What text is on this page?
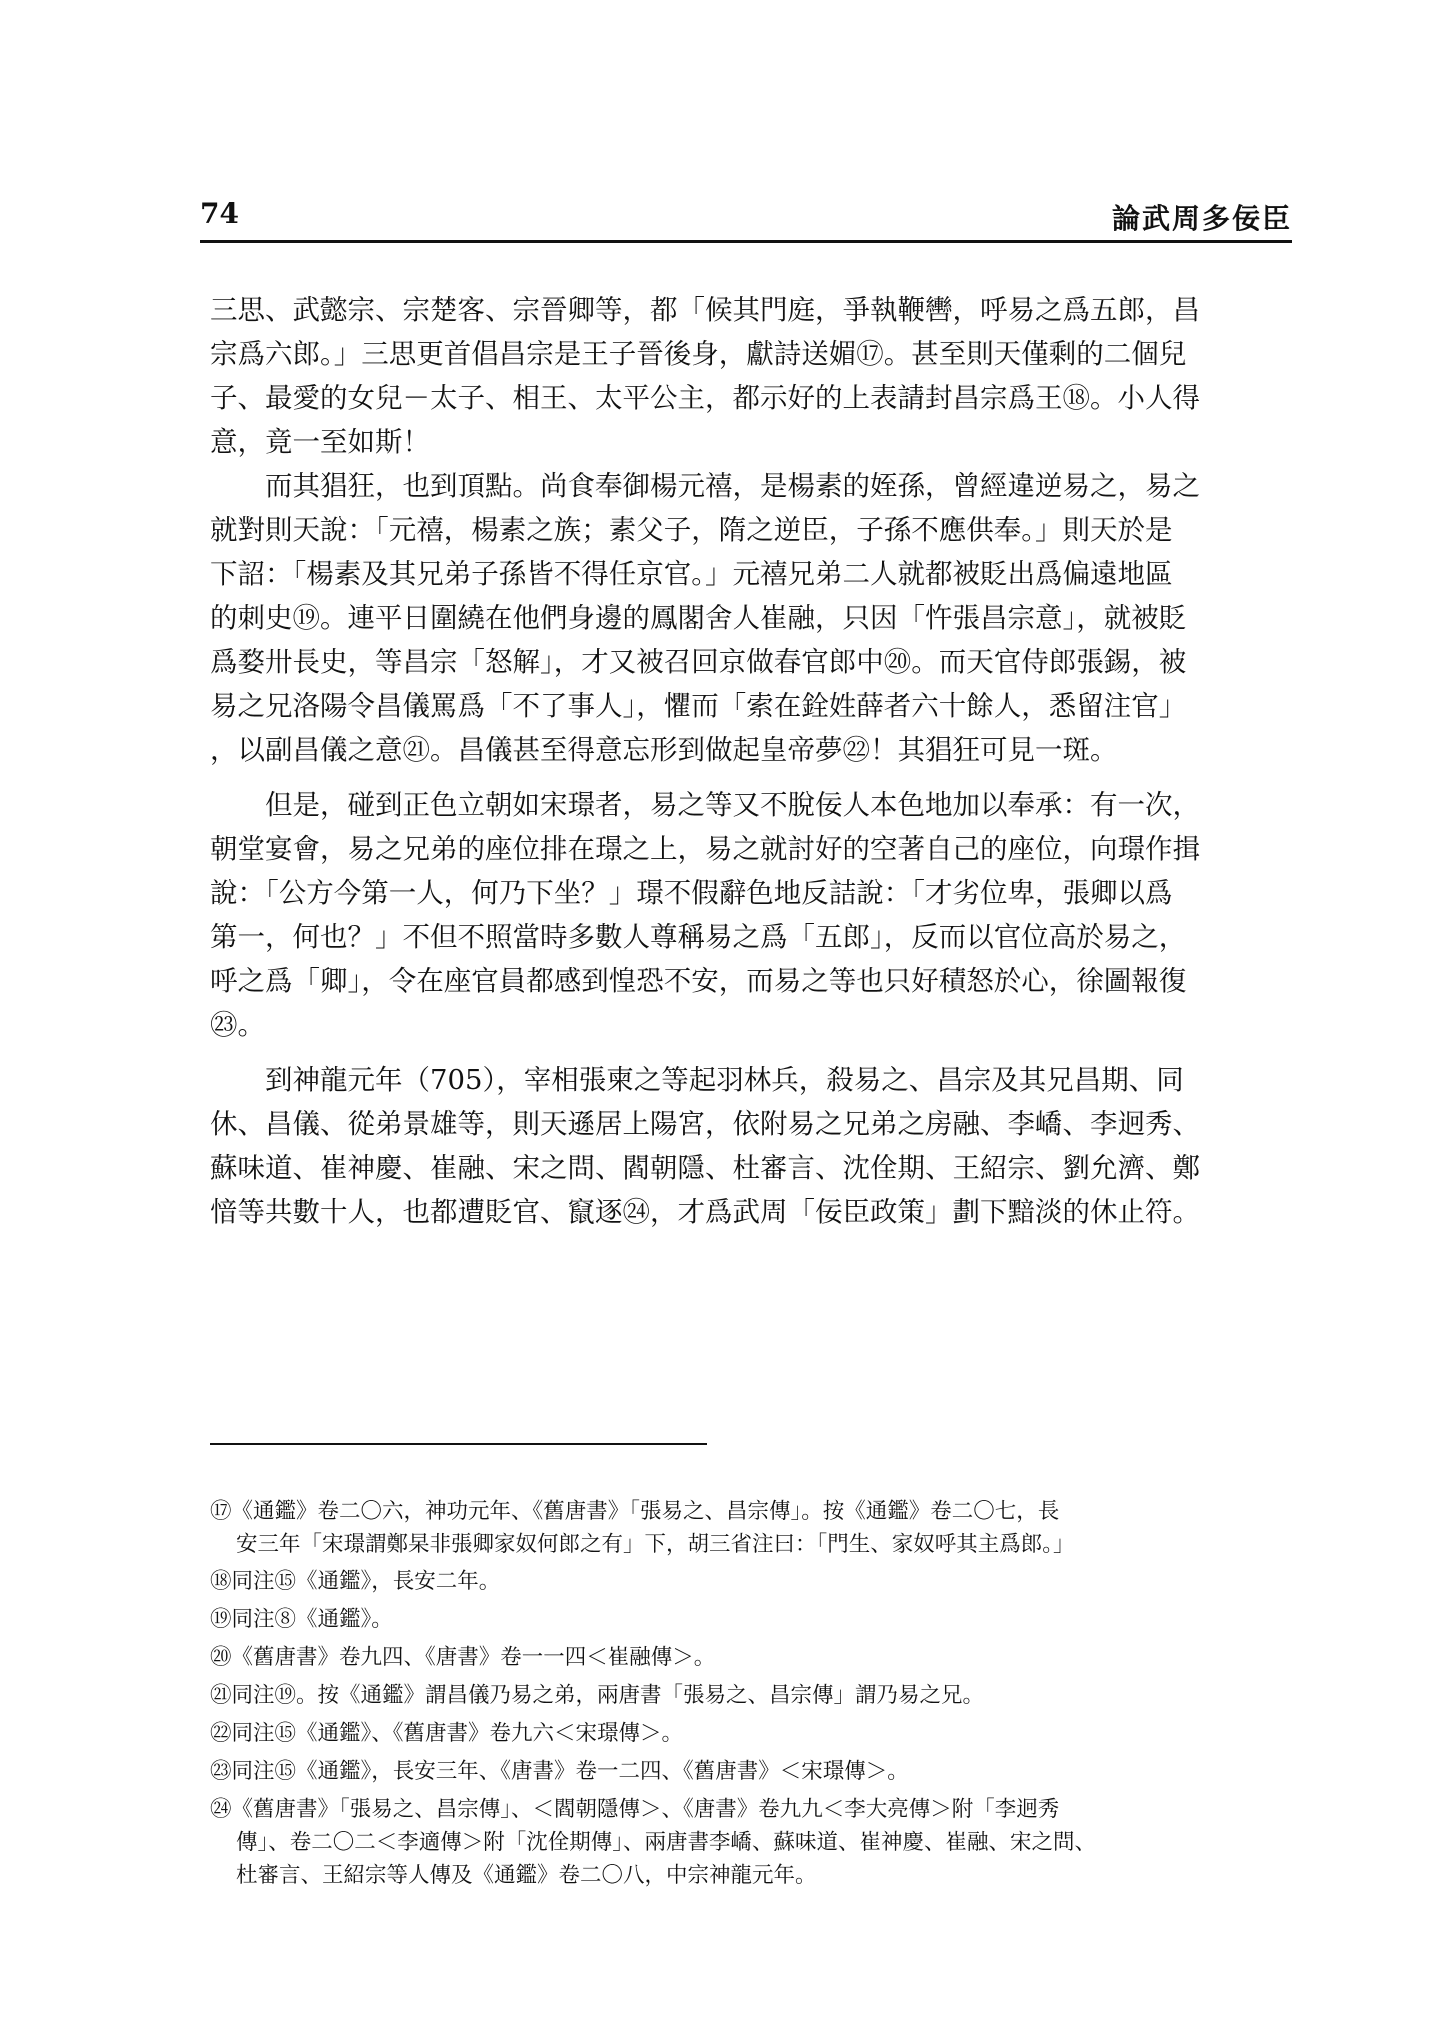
74	論武周多佞臣

三思、武懿宗、宗楚客、宗晉卿等，都「候其門庭，爭執鞭轡，呼易之爲五郎，昌
宗爲六郎。」三思更首倡昌宗是王子晉後身，獻詩送媚⑰。甚至則天僅剩的二個兒
子、最愛的女兒－太子、相王、太平公主，都示好的上表請封昌宗爲王⑱。小人得
意，竟一至如斯！

　　而其猖狂，也到頂點。尚食奉御楊元禧，是楊素的姪孫，曾經違逆易之，易之
就對則天說：「元禧，楊素之族；素父子，隋之逆臣，子孫不應供奉。」則天於是
下詔：「楊素及其兄弟子孫皆不得任京官。」元禧兄弟二人就都被貶出爲偏遠地區
的刺史⑲。連平日圍繞在他們身邊的鳳閣舍人崔融，只因「忤張昌宗意」，就被貶
爲婺卅長史，等昌宗「怒解」，才又被召回京做春官郎中⑳。而天官侍郎張錫，被
易之兄洛陽令昌儀罵爲「不了事人」，懼而「索在銓姓薛者六十餘人，悉留注官」
，以副昌儀之意㉑。昌儀甚至得意忘形到做起皇帝夢㉒！其猖狂可見一斑。

　　但是，碰到正色立朝如宋璟者，易之等又不脫佞人本色地加以奉承：有一次，
朝堂宴會，易之兄弟的座位排在璟之上，易之就討好的空著自己的座位，向璟作揖
說：「公方今第一人，何乃下坐？」璟不假辭色地反詰說：「才劣位卑，張卿以爲
第一，何也？」不但不照當時多數人尊稱易之爲「五郎」，反而以官位高於易之，
呼之爲「卿」，令在座官員都感到惶恐不安，而易之等也只好積怒於心，徐圖報復
㉓。

　　到神龍元年（705），宰相張柬之等起羽林兵，殺易之、昌宗及其兄昌期、同
休、昌儀、從弟景雄等，則天遜居上陽宮，依附易之兄弟之房融、李嶠、李迥秀、
蘇味道、崔神慶、崔融、宋之問、閻朝隱、杜審言、沈佺期、王紹宗、劉允濟、鄭
愔等共數十人，也都遭貶官、竄逐㉔，才爲武周「佞臣政策」劃下黯淡的休止符。

⑰《通鑑》卷二〇六，神功元年、《舊唐書》「張易之、昌宗傳」。按《通鑑》卷二〇七，長

安三年「宋璟謂鄭杲非張卿家奴何郎之有」下，胡三省注曰：「門生、家奴呼其主爲郎。」

⑱同注⑮《通鑑》，長安二年。

⑲同注⑧《通鑑》。

⑳《舊唐書》卷九四、《唐書》卷一一四＜崔融傳＞。

㉑同注⑲。按《通鑑》謂昌儀乃易之弟，兩唐書「張易之、昌宗傳」謂乃易之兄。

㉒同注⑮《通鑑》、《舊唐書》卷九六＜宋璟傳＞。

㉓同注⑮《通鑑》，長安三年、《唐書》卷一二四、《舊唐書》＜宋璟傳＞。

㉔《舊唐書》「張易之、昌宗傳」、＜閻朝隱傳＞、《唐書》卷九九＜李大亮傳＞附「李迥秀

傳」、卷二〇二＜李適傳＞附「沈佺期傳」、兩唐書李嶠、蘇味道、崔神慶、崔融、宋之問、
杜審言、王紹宗等人傳及《通鑑》卷二〇八，中宗神龍元年。
